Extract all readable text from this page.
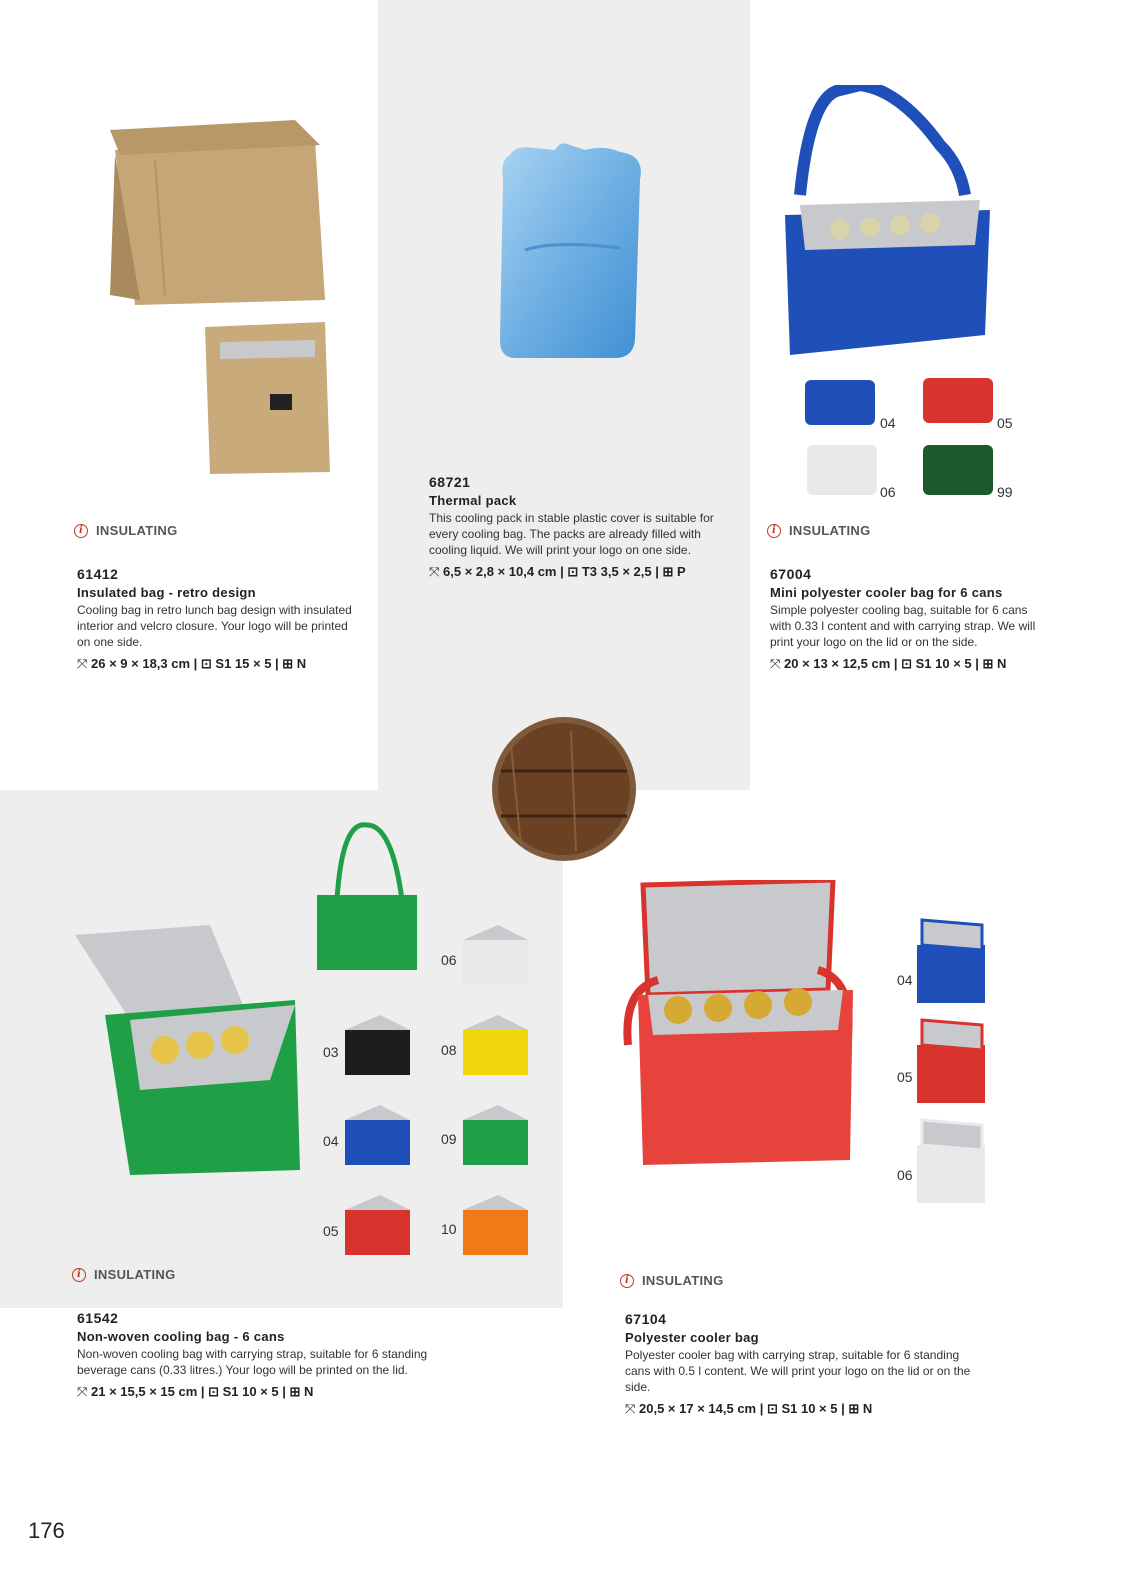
i INSULATING
61412
Insulated bag - retro design
Cooling bag in retro lunch bag design with insulated interior and velcro closure. Your logo will be printed on one side.
⤧ 26 × 9 × 18,3 cm | ⊡ S1 15 × 5 | ⊞ N
68721
Thermal pack
This cooling pack in stable plastic cover is suitable for every cooling bag. The packs are already filled with cooling liquid. We will print your logo on one side.
⤧ 6,5 × 2,8 × 10,4 cm | ⊡ T3 3,5 × 2,5 | ⊞ P
04	05
06	99
i INSULATING
67004
Mini polyester cooler bag for 6 cans
Simple polyester cooling bag, suitable for 6 cans with 0.33 l content and with carrying strap. We will print your logo on the lid or on the side.
⤧ 20 × 13 × 12,5 cm | ⊡ S1 10 × 5 | ⊞ N
06
03	08
04	09
05	10
i INSULATING
61542
Non-woven cooling bag - 6 cans
Non-woven cooling bag with carrying strap, suitable for 6 standing beverage cans (0.33 litres.) Your logo will be printed on the lid.
⤧ 21 × 15,5 × 15 cm | ⊡ S1 10 × 5 | ⊞ N
04
05
06
i INSULATING
67104
Polyester cooler bag
Polyester cooler bag with carrying strap, suitable for 6 standing cans with 0.5 l content. We will print your logo on the lid or on the side.
⤧ 20,5 × 17 × 14,5 cm | ⊡ S1 10 × 5 | ⊞ N
176
